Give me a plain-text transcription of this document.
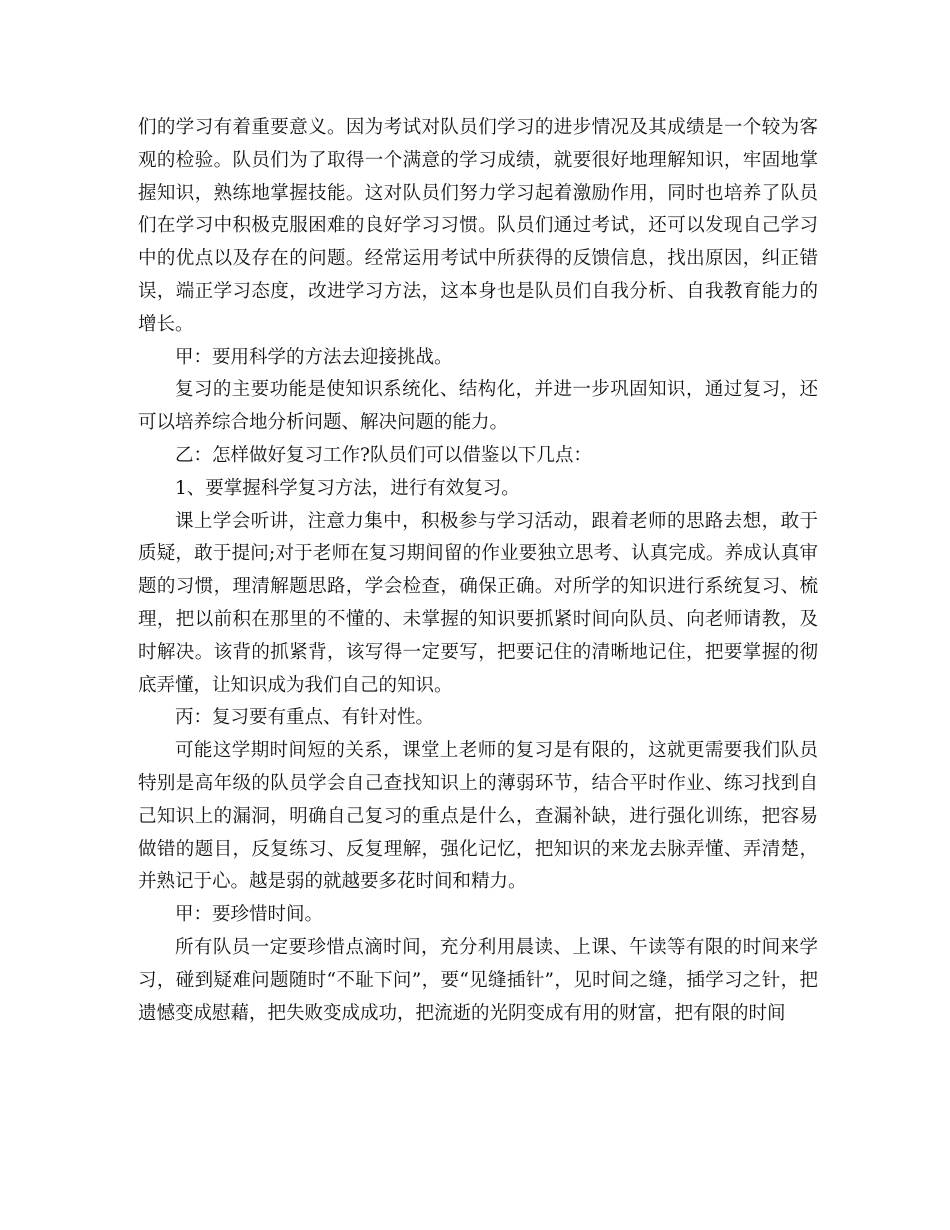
们的学习有着重要意义。因为考试对队员们学习的进步情况及其成绩是一个较为客观的检验。队员们为了取得一个满意的学习成绩，就要很好地理解知识，牢固地掌握知识，熟练地掌握技能。这对队员们努力学习起着激励作用，同时也培养了队员们在学习中积极克服困难的良好学习习惯。队员们通过考试，还可以发现自己学习中的优点以及存在的问题。经常运用考试中所获得的反馈信息，找出原因，纠正错误，端正学习态度，改进学习方法，这本身也是队员们自我分析、自我教育能力的增长。

甲：要用科学的方法去迎接挑战。

复习的主要功能是使知识系统化、结构化，并进一步巩固知识，通过复习，还可以培养综合地分析问题、解决问题的能力。

乙：怎样做好复习工作?队员们可以借鉴以下几点：

1、要掌握科学复习方法，进行有效复习。

课上学会听讲，注意力集中，积极参与学习活动，跟着老师的思路去想，敢于质疑，敢于提问;对于老师在复习期间留的作业要独立思考、认真完成。养成认真审题的习惯，理清解题思路，学会检查，确保正确。对所学的知识进行系统复习、梳理，把以前积在那里的不懂的、未掌握的知识要抓紧时间向队员、向老师请教，及时解决。该背的抓紧背，该写得一定要写，把要记住的清晰地记住，把要掌握的彻底弄懂，让知识成为我们自己的知识。

丙：复习要有重点、有针对性。

可能这学期时间短的关系，课堂上老师的复习是有限的，这就更需要我们队员特别是高年级的队员学会自己查找知识上的薄弱环节，结合平时作业、练习找到自己知识上的漏洞，明确自己复习的重点是什么，查漏补缺，进行强化训练，把容易做错的题目，反复练习、反复理解，强化记忆，把知识的来龙去脉弄懂、弄清楚，并熟记于心。越是弱的就越要多花时间和精力。

甲：要珍惜时间。

所有队员一定要珍惜点滴时间，充分利用晨读、上课、午读等有限的时间来学习，碰到疑难问题随时“不耻下问”，要“见缝插针”，见时间之缝，插学习之针，把遗憾变成慰藉，把失败变成成功，把流逝的光阴变成有用的财富，把有限的时间
